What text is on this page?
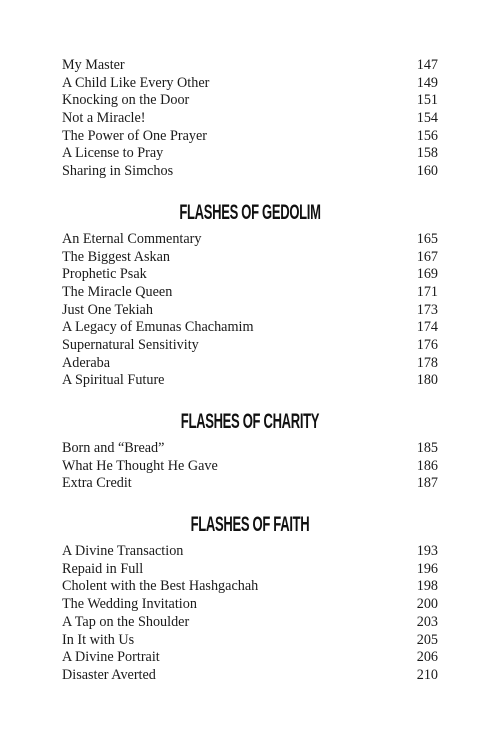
My Master	147
A Child Like Every Other	149
Knocking on the Door	151
Not a Miracle!	154
The Power of One Prayer	156
A License to Pray	158
Sharing in Simchos	160
FLASHES OF GEDOLIM
An Eternal Commentary	165
The Biggest Askan	167
Prophetic Psak	169
The Miracle Queen	171
Just One Tekiah	173
A Legacy of Emunas Chachamim	174
Supernatural Sensitivity	176
Aderaba	178
A Spiritual Future	180
FLASHES OF CHARITY
Born and “Bread”	185
What He Thought He Gave	186
Extra Credit	187
FLASHES OF FAITH
A Divine Transaction	193
Repaid in Full	196
Cholent with the Best Hashgachah	198
The Wedding Invitation	200
A Tap on the Shoulder	203
In It with Us	205
A Divine Portrait	206
Disaster Averted	210
